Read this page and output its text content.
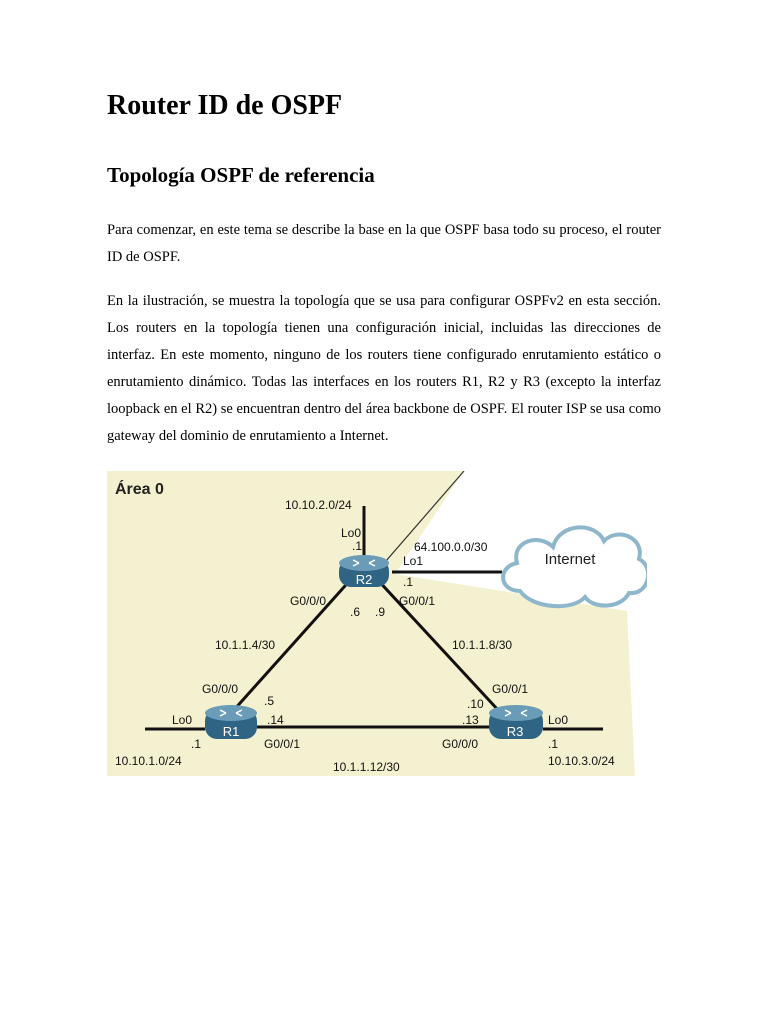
Router ID de OSPF
Topología OSPF de referencia

Para comenzar, en este tema se describe la base en la que OSPF basa todo su proceso, el router ID de OSPF.

En la ilustración, se muestra la topología que se usa para configurar OSPFv2 en esta sección. Los routers en la topología tienen una configuración inicial, incluidas las direcciones de interfaz. En este momento, ninguno de los routers tiene configurado enrutamiento estático o enrutamiento dinámico. Todas las interfaces en los routers R1, R2 y R3 (excepto la interfaz loopback en el R2) se encuentran dentro del área backbone de OSPF. El router ISP se usa como gateway del dominio de enrutamiento a Internet.

Internet
R2
R1	R3
Área 0
10.10.2.0/24
Lo0
.1	64.100.0.0/30
Lo1
.1
G0/0/0	G0/0/1
.6 .9
10.1.1.4/30	10.1.1.8/30
G0/0/0
.5
G0/0/1
.10
Lo0	.14	.13	Lo0
.1	G0/0/1	G0/0/0	.1
10.10.1.0/24	10.1.1.12/30	10.10.3.0/24
